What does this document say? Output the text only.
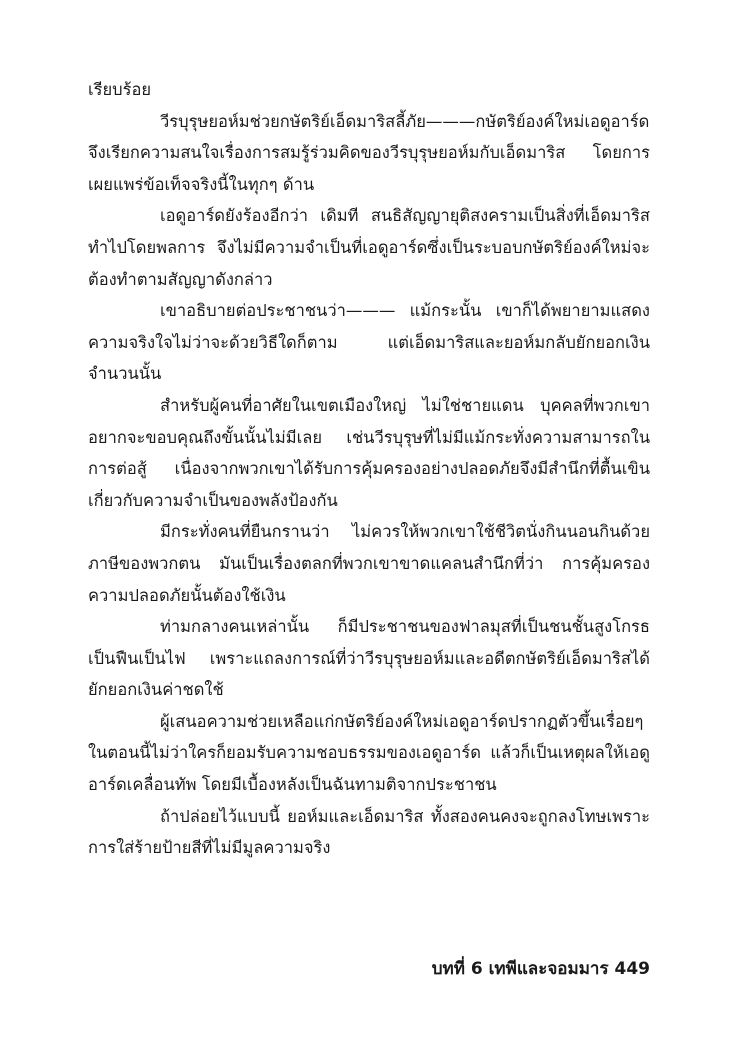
เรียบร้อย

วีรบุรุษยอห์มช่วยกษัตริย์เอ็ดมาริสลี้ภัย———กษัตริย์องค์ใหม่เอดูอาร์ดจึงเรียกความสนใจเรื่องการสมรู้ร่วมคิดของวีรบุรุษยอห์มกับเอ็ดมาริส โดยการเผยแพร่ข้อเท็จจริงนี้ในทุกๆ ด้าน

เอดูอาร์ดยังร้องอีกว่า เดิมที สนธิสัญญายุติสงครามเป็นสิ่งที่เอ็ดมาริสทำไปโดยพลการ จึงไม่มีความจำเป็นที่เอดูอาร์ดซึ่งเป็นระบอบกษัตริย์องค์ใหม่จะต้องทำตามสัญญาดังกล่าว

เขาอธิบายต่อประชาชนว่า——— แม้กระนั้น เขาก็ได้พยายามแสดงความจริงใจไม่ว่าจะด้วยวิธีใดก็ตาม แต่เอ็ดมาริสและยอห์มกลับยักยอกเงินจำนวนนั้น

สำหรับผู้คนที่อาศัยในเขตเมืองใหญ่ ไม่ใช่ชายแดน บุคคลที่พวกเขาอยากจะขอบคุณถึงขั้นนั้นไม่มีเลย เช่นวีรบุรุษที่ไม่มีแม้กระทั่งความสามารถในการต่อสู้ เนื่องจากพวกเขาได้รับการคุ้มครองอย่างปลอดภัยจึงมีสำนึกที่ตื้นเขินเกี่ยวกับความจำเป็นของพลังป้องกัน

มีกระทั่งคนที่ยืนกรานว่า ไม่ควรให้พวกเขาใช้ชีวิตนั่งกินนอนกินด้วยภาษีของพวกตน มันเป็นเรื่องตลกที่พวกเขาขาดแคลนสำนึกที่ว่า การคุ้มครองความปลอดภัยนั้นต้องใช้เงิน

ท่ามกลางคนเหล่านั้น ก็มีประชาชนของฟาลมุสที่เป็นชนชั้นสูงโกรธเป็นฟืนเป็นไฟ เพราะแถลงการณ์ที่ว่าวีรบุรุษยอห์มและอดีตกษัตริย์เอ็ดมาริสได้ยักยอกเงินค่าชดใช้

ผู้เสนอความช่วยเหลือแก่กษัตริย์องค์ใหม่เอดูอาร์ดปรากฏตัวขึ้นเรื่อยๆ ในตอนนี้ไม่ว่าใครก็ยอมรับความชอบธรรมของเอดูอาร์ด แล้วก็เป็นเหตุผลให้เอดูอาร์ดเคลื่อนทัพ โดยมีเบื้องหลังเป็นฉันทามติจากประชาชน

ถ้าปล่อยไว้แบบนี้ ยอห์มและเอ็ดมาริส ทั้งสองคนคงจะถูกลงโทษเพราะการใส่ร้ายป้ายสีที่ไม่มีมูลความจริง

บทที่ 6 เทพีและจอมมาร 449
